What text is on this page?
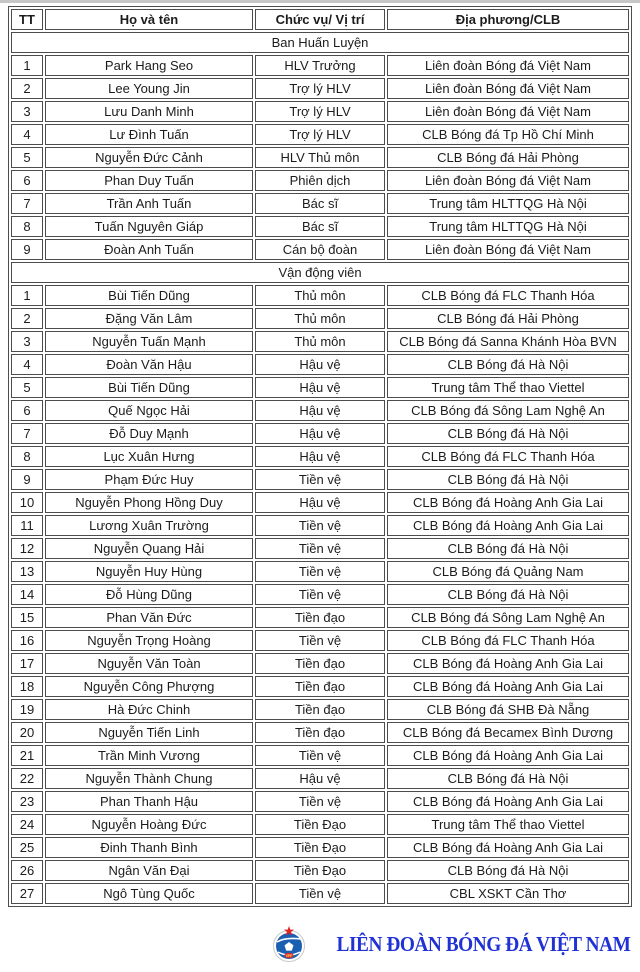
TT	Họ và tên	Chức vụ/ Vị trí	Địa phương/CLB
Ban Huấn Luyện			
1	Park Hang Seo	HLV Trưởng	Liên đoàn Bóng đá Việt Nam
2	Lee Young Jin	Trợ lý HLV	Liên đoàn Bóng đá Việt Nam
3	Lưu Danh Minh	Trợ lý HLV	Liên đoàn Bóng đá Việt Nam
4	Lư Đình Tuấn	Trợ lý HLV	CLB Bóng đá Tp Hồ Chí Minh
5	Nguyễn Đức Cảnh	HLV Thủ môn	CLB Bóng đá Hải Phòng
6	Phan Duy Tuấn	Phiên dịch	Liên đoàn Bóng đá Việt Nam
7	Trần Anh Tuấn	Bác sĩ	Trung tâm HLTTQG Hà Nội
8	Tuấn Nguyên Giáp	Bác sĩ	Trung tâm HLTTQG Hà Nội
9	Đoàn Anh Tuấn	Cán bộ đoàn	Liên đoàn Bóng đá Việt Nam
Vận động viên			
1	Bùi Tiến Dũng	Thủ môn	CLB Bóng đá FLC Thanh Hóa
2	Đặng Văn Lâm	Thủ môn	CLB Bóng đá Hải Phòng
3	Nguyễn Tuấn Mạnh	Thủ môn	CLB Bóng đá Sanna Khánh Hòa BVN
4	Đoàn Văn Hậu	Hậu vệ	CLB Bóng đá Hà Nội
5	Bùi Tiến Dũng	Hậu vệ	Trung tâm Thể thao Viettel
6	Quế Ngọc Hải	Hậu vệ	CLB Bóng đá Sông Lam Nghệ An
7	Đỗ Duy Mạnh	Hậu vệ	CLB Bóng đá Hà Nội
8	Lục Xuân Hưng	Hậu vệ	CLB Bóng đá FLC Thanh Hóa
9	Phạm Đức Huy	Tiền vệ	CLB Bóng đá Hà Nội
10	Nguyễn Phong Hồng Duy	Hậu vệ	CLB Bóng đá Hoàng Anh Gia Lai
11	Lương Xuân Trường	Tiền vệ	CLB Bóng đá Hoàng Anh Gia Lai
12	Nguyễn Quang Hải	Tiền vệ	CLB Bóng đá Hà Nội
13	Nguyễn Huy Hùng	Tiền vệ	CLB Bóng đá Quảng Nam
14	Đỗ Hùng Dũng	Tiền vệ	CLB Bóng đá Hà Nội
15	Phan Văn Đức	Tiền đạo	CLB Bóng đá Sông Lam Nghệ An
16	Nguyễn Trọng Hoàng	Tiền vệ	CLB Bóng đá FLC Thanh Hóa
17	Nguyễn Văn Toàn	Tiền đạo	CLB Bóng đá Hoàng Anh Gia Lai
18	Nguyễn Công Phượng	Tiền đạo	CLB Bóng đá Hoàng Anh Gia Lai
19	Hà Đức Chinh	Tiền đạo	CLB Bóng đá SHB Đà Nẵng
20	Nguyễn Tiến Linh	Tiền đạo	CLB Bóng đá Becamex Bình Dương
21	Trần Minh Vương	Tiền vệ	CLB Bóng đá Hoàng Anh Gia Lai
22	Nguyễn Thành Chung	Hậu vệ	CLB Bóng đá Hà Nội
23	Phan Thanh Hậu	Tiền vệ	CLB Bóng đá Hoàng Anh Gia Lai
24	Nguyễn Hoàng Đức	Tiền Đạo	Trung tâm Thể thao Viettel
25	Đinh Thanh Bình	Tiền Đạo	CLB Bóng đá Hoàng Anh Gia Lai
26	Ngân Văn Đại	Tiền Đạo	CLB Bóng đá Hà Nội
27	Ngô Tùng Quốc	Tiền vệ	CBL XSKT Cần Thơ
VFF
LIÊN ĐOÀN BÓNG ĐÁ VIỆT NAM
